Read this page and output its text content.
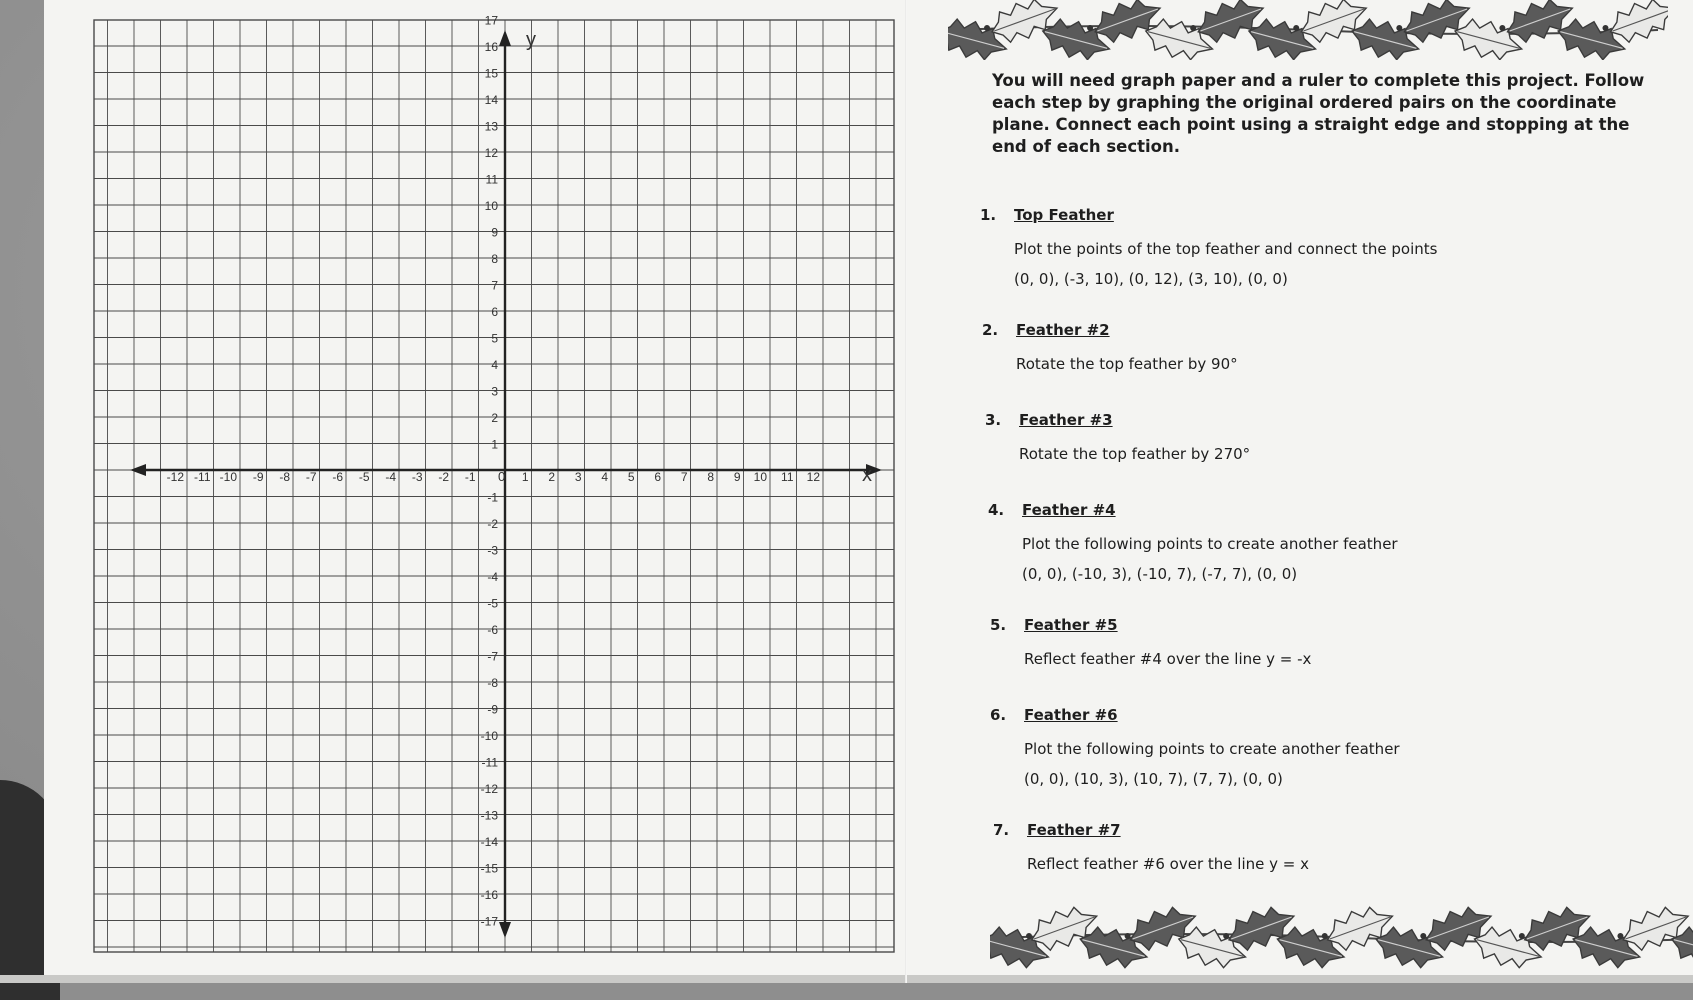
-12 -11 -10 -9 -8 -7 -6 -5 -4 -3 -2 -1	1 2 3 4 5 6 7 8 9 10 11 12
17
16
15
14
13
12
11
10
9
8
7
6
5
4
3
2
1
-1
-2
-3
-4
-5
-6
-7
-8
-9
-10
-11
-12
-13
-14
-15
-16
-17
y
x
0
You will need graph paper and a ruler to complete this project. Follow each step by graphing the original ordered pairs on the coordinate plane. Connect each point using a straight edge and stopping at the end of each section.
1. Top Feather
Plot the points of the top feather and connect the points
(0, 0), (-3, 10), (0, 12), (3, 10), (0, 0)
2. Feather #2
Rotate the top feather by 90°
3. Feather #3
Rotate the top feather by 270°
4. Feather #4
Plot the following points to create another feather
(0, 0), (-10, 3), (-10, 7), (-7, 7), (0, 0)
5. Feather #5
Reflect feather #4 over the line y = -x
6. Feather #6
Plot the following points to create another feather
(0, 0), (10, 3), (10, 7), (7, 7), (0, 0)
7. Feather #7
Reflect feather #6 over the line y = x
